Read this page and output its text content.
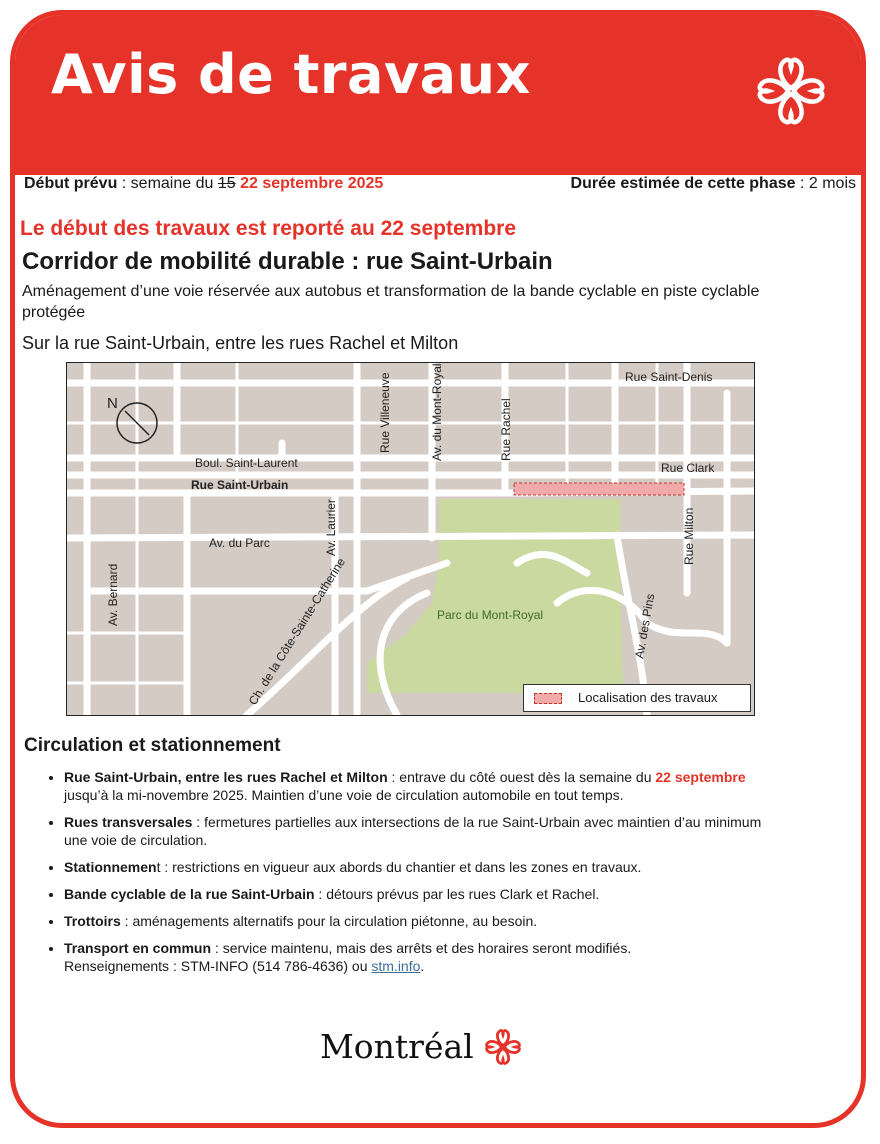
Avis de travaux
Début prévu : semaine du 15 22 septembre 2025	Durée estimée de cette phase : 2 mois
Le début des travaux est reporté au 22 septembre
Corridor de mobilité durable : rue Saint-Urbain
Aménagement d’une voie réservée aux autobus et transformation de la bande cyclable en piste cyclable protégée
Sur la rue Saint-Urbain, entre les rues Rachel et Milton
N
Rue Saint-Denis
Rue Villeneuve	Av. du Mont-Royal	Rue Rachel
Boul. Saint-Laurent
Rue Saint-Urbain
Rue Clark
Av. Laurier
Av. du Parc	Rue Milton
Av. Bernard	Ch. de la Côte-Sainte-Catherine	Av. des Pins
Parc du Mont-Royal
Localisation des travaux
Circulation et stationnement
• Rue Saint-Urbain, entre les rues Rachel et Milton : entrave du côté ouest dès la semaine du 22 septembre jusqu’à la mi-novembre 2025. Maintien d’une voie de circulation automobile en tout temps.
• Rues transversales : fermetures partielles aux intersections de la rue Saint-Urbain avec maintien d’au minimum une voie de circulation.
• Stationnement : restrictions en vigueur aux abords du chantier et dans les zones en travaux.
• Bande cyclable de la rue Saint-Urbain : détours prévus par les rues Clark et Rachel.
• Trottoirs : aménagements alternatifs pour la circulation piétonne, au besoin.
• Transport en commun : service maintenu, mais des arrêts et des horaires seront modifiés.
Renseignements : STM-INFO (514 786-4636) ou stm.info.
Montréal
